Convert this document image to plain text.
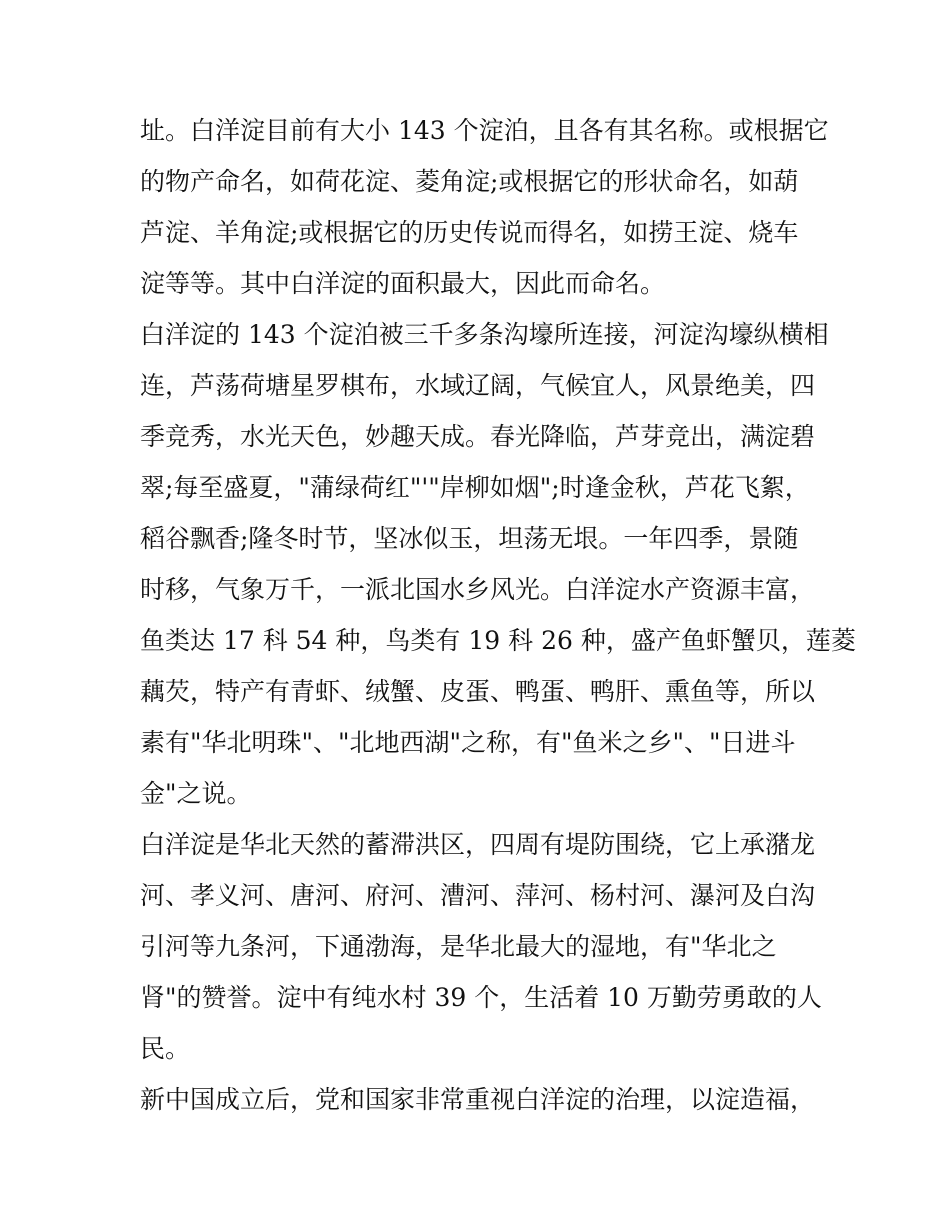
址。白洋淀目前有大小 143 个淀泊，且各有其名称。或根据它
的物产命名，如荷花淀、菱角淀;或根据它的形状命名，如葫
芦淀、羊角淀;或根据它的历史传说而得名，如捞王淀、烧车
淀等等。其中白洋淀的面积最大，因此而命名。

白洋淀的 143 个淀泊被三千多条沟壕所连接，河淀沟壕纵横相
连，芦荡荷塘星罗棋布，水域辽阔，气候宜人，风景绝美，四
季竞秀，水光天色，妙趣天成。春光降临，芦芽竞出，满淀碧
翠;每至盛夏，"蒲绿荷红"'"岸柳如烟";时逢金秋，芦花飞絮，
稻谷飘香;隆冬时节，坚冰似玉，坦荡无垠。一年四季，景随
时移，气象万千，一派北国水乡风光。白洋淀水产资源丰富，
鱼类达 17 科 54 种，鸟类有 19 科 26 种，盛产鱼虾蟹贝，莲菱
藕芡，特产有青虾、绒蟹、皮蛋、鸭蛋、鸭肝、熏鱼等，所以
素有"华北明珠"、"北地西湖"之称，有"鱼米之乡"、"日进斗
金"之说。

白洋淀是华北天然的蓄滞洪区，四周有堤防围绕，它上承潴龙
河、孝义河、唐河、府河、漕河、萍河、杨村河、瀑河及白沟
引河等九条河，下通渤海，是华北最大的湿地，有"华北之
肾"的赞誉。淀中有纯水村 39 个，生活着 10 万勤劳勇敢的人
民。

新中国成立后，党和国家非常重视白洋淀的治理，以淀造福，
